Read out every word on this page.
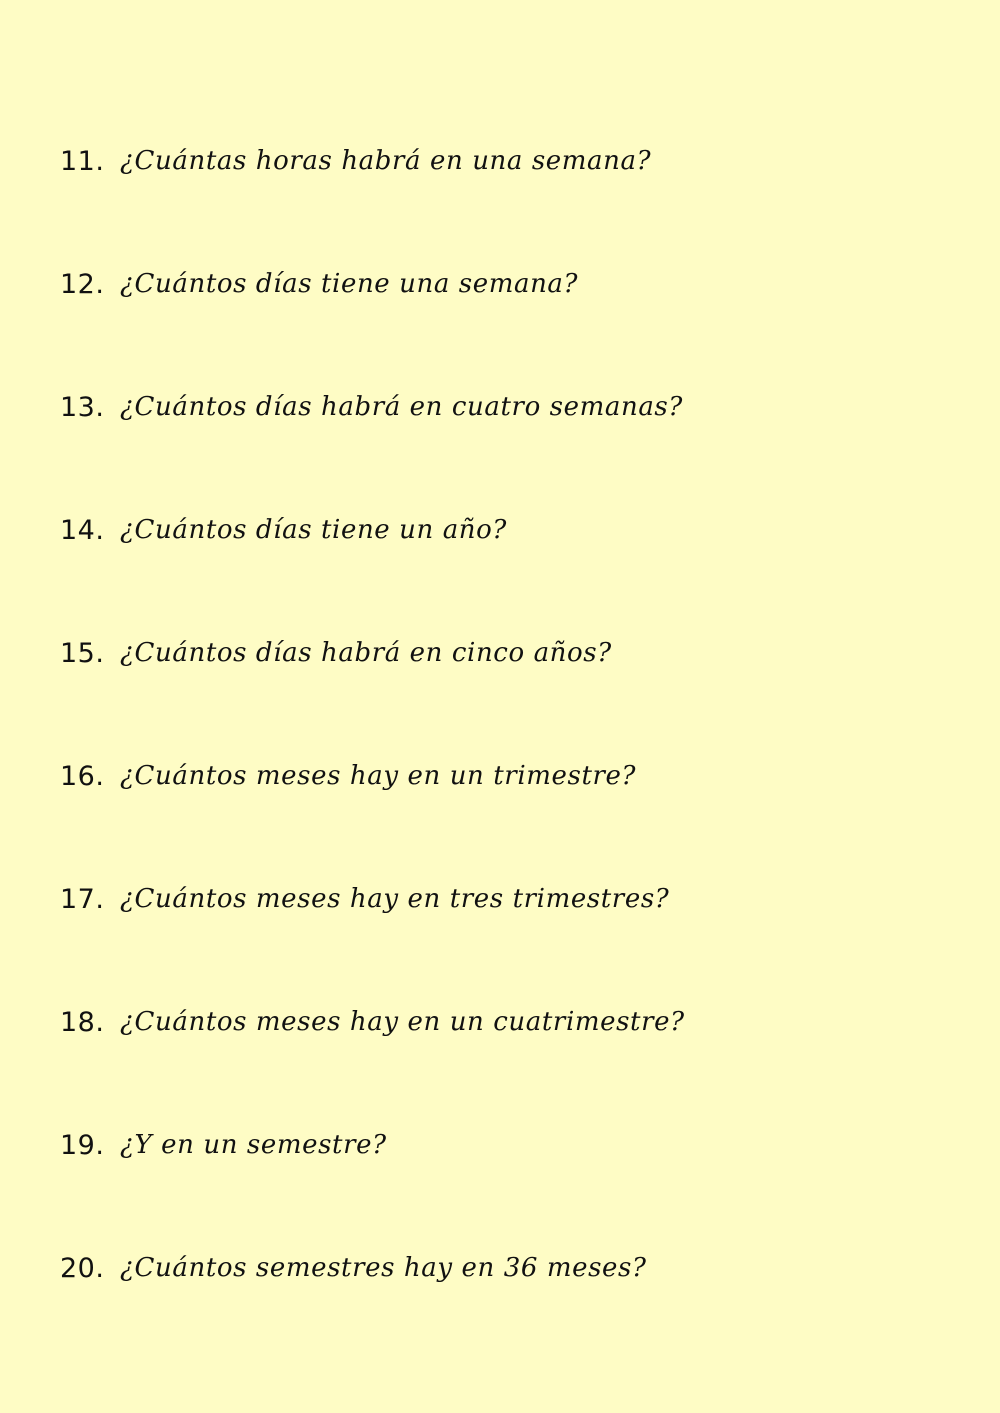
11. ¿Cuántas horas habrá en una semana?
12. ¿Cuántos días tiene una semana?
13. ¿Cuántos días habrá en cuatro semanas?
14. ¿Cuántos días tiene un año?
15. ¿Cuántos días habrá en cinco años?
16. ¿Cuántos meses hay en un trimestre?
17. ¿Cuántos meses hay en tres trimestres?
18. ¿Cuántos meses hay en un cuatrimestre?
19. ¿Y en un semestre?
20. ¿Cuántos semestres hay en 36 meses?
